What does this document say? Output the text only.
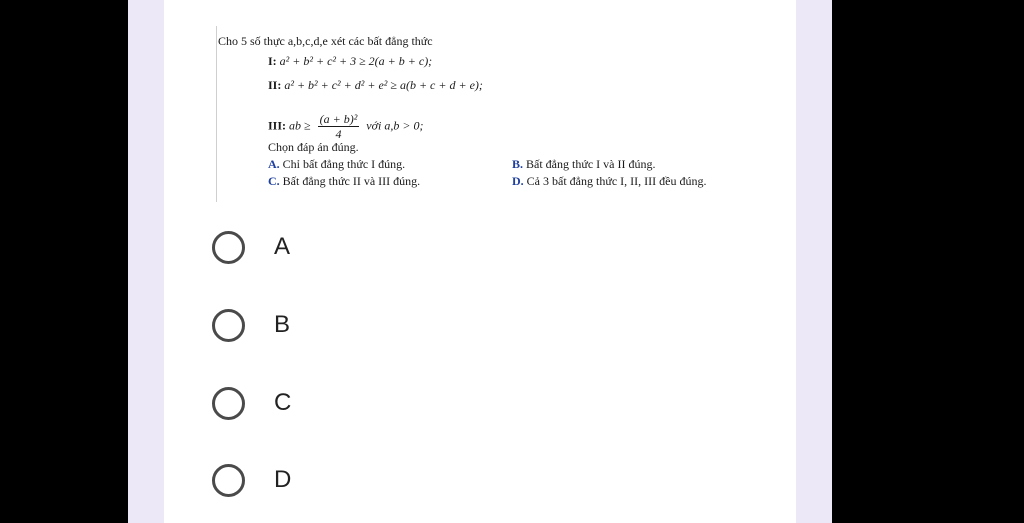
Cho 5 số thực a,b,c,d,e xét các bất đẳng thức
I: a² + b² + c² + 3 ≥ 2(a + b + c);
II: a² + b² + c² + d² + e² ≥ a(b + c + d + e);
III: ab ≥ $\frac{\text{(a + b)²}}{4}$ với a,b > 0;
Chọn đáp án đúng.
A. Chỉ bất đẳng thức I đúng.	B. Bất đẳng thức I và II đúng.
C. Bất đẳng thức II và III đúng.	D. Cả 3 bất đẳng thức I, II, III đều đúng.
A
B
C
D
